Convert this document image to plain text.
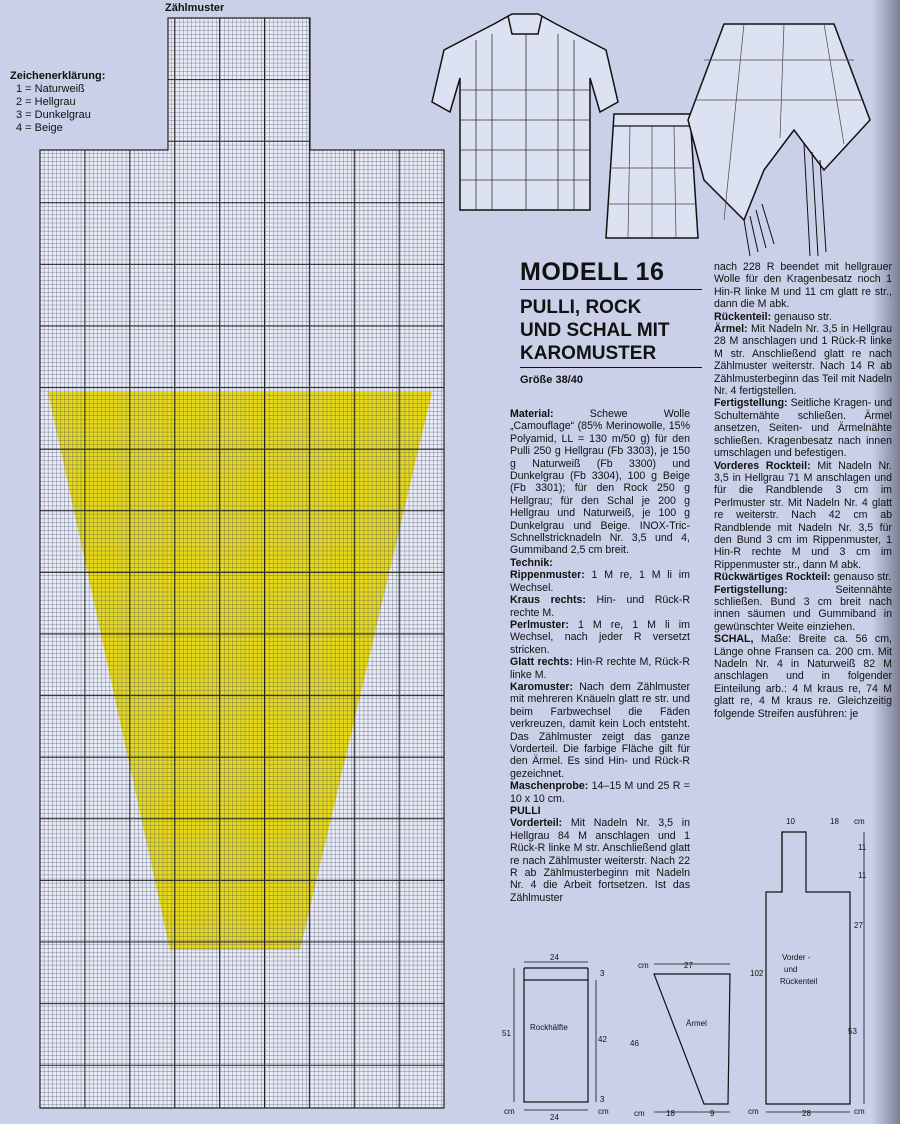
Zählmuster
Zeichenerklärung:
1 = Naturweiß
2 = Hellgrau
3 = Dunkelgrau
4 = Beige
MODELL 16
PULLI, ROCK
UND SCHAL MIT
KAROMUSTER
Größe 38/40

Material: Schewe Wolle „Camouflage“ (85% Merinowolle, 15% Polyamid, LL = 130 m/50 g) für den Pulli 250 g Hellgrau (Fb 3303), je 150 g Naturweiß (Fb 3300) und Dunkelgrau (Fb 3304), 100 g Beige (Fb 3301); für den Rock 250 g Hellgrau; für den Schal je 200 g Hellgrau und Naturweiß, je 100 g Dunkelgrau und Beige. INOX-Tric-Schnellstricknadeln Nr. 3,5 und 4, Gummiband 2,5 cm breit.

Technik:

Rippenmuster: 1 M re, 1 M li im Wechsel.

Kraus rechts: Hin- und Rück-R rechte M.

Perlmuster: 1 M re, 1 M li im Wechsel, nach jeder R versetzt stricken.

Glatt rechts: Hin-R rechte M, Rück-R linke M.

Karomuster: Nach dem Zählmuster mit mehreren Knäueln glatt re str. und beim Farbwechsel die Fäden verkreuzen, damit kein Loch entsteht. Das Zählmuster zeigt das ganze Vorderteil. Die farbige Fläche gilt für den Ärmel. Es sind Hin- und Rück-R gezeichnet.

Maschenprobe: 14–15 M und 25 R = 10 x 10 cm.

PULLI

Vorderteil: Mit Nadeln Nr. 3,5 in Hellgrau 84 M anschlagen und 1 Rück-R linke M str. Anschließend glatt re nach Zählmuster weiterstr. Nach 22 R ab Zählmusterbeginn mit Nadeln Nr. 4 die Arbeit fortsetzen. Ist das Zählmuster

nach 228 R beendet mit hellgrauer Wolle für den Kragenbesatz noch 1 Hin-R linke M und 11 cm glatt re str., dann die M abk.

Rückenteil: genauso str.

Ärmel: Mit Nadeln Nr. 3,5 in Hellgrau 28 M anschlagen und 1 Rück-R linke M str. Anschließend glatt re nach Zählmuster weiterstr. Nach 14 R ab Zählmusterbeginn das Teil mit Nadeln Nr. 4 fertigstellen.

Fertigstellung: Seitliche Kragen- und Schulternähte schließen. Ärmel ansetzen, Seiten- und Ärmelnähte schließen. Kragenbesatz nach innen umschlagen und befestigen.

Vorderes Rockteil: Mit Nadeln Nr. 3,5 in Hellgrau 71 M anschlagen und für die Randblende 3 cm im Perlmuster str. Mit Nadeln Nr. 4 glatt re weiterstr. Nach 42 cm ab Randblende mit Nadeln Nr. 3,5 für den Bund 3 cm im Rippenmuster, 1 Hin-R rechte M und 3 cm im Rippenmuster str., dann M abk.

Rückwärtiges Rockteil: genauso str.

Fertigstellung: Seitennähte schließen. Bund 3 cm breit nach innen säumen und Gummiband in gewünschter Weite einziehen.

SCHAL, Maße: Breite ca. 56 cm, Länge ohne Fransen ca. 200 cm. Mit Nadeln Nr. 4 in Naturweiß 82 M anschlagen und in folgender Einteilung arb.: 4 M kraus re, 74 M glatt re, 4 M kraus re. Gleichzeitig folgende Streifen ausführen: je

Rockhälfte
24
24
51
42
3
3
cm	cm
Ärmel
27
46
18	9
cm
cm
10	18 cm
11
11
27
53
102
Vorder -
und
Rückenteil
28	cm
cm
